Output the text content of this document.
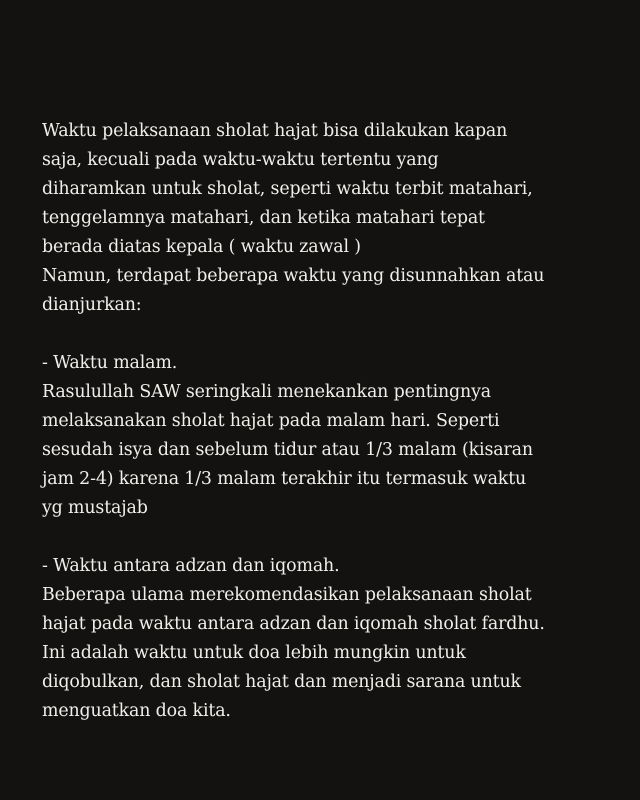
Waktu pelaksanaan sholat hajat bisa dilakukan kapan
saja, kecuali pada waktu-waktu tertentu yang
diharamkan untuk sholat, seperti waktu terbit matahari,
tenggelamnya matahari, dan ketika matahari tepat
berada diatas kepala ( waktu zawal )
Namun, terdapat beberapa waktu yang disunnahkan atau
dianjurkan:
- Waktu malam.
Rasulullah SAW seringkali menekankan pentingnya
melaksanakan sholat hajat pada malam hari. Seperti
sesudah isya dan sebelum tidur atau 1/3 malam (kisaran
jam 2-4) karena 1/3 malam terakhir itu termasuk waktu
yg mustajab
- Waktu antara adzan dan iqomah.
Beberapa ulama merekomendasikan pelaksanaan sholat
hajat pada waktu antara adzan dan iqomah sholat fardhu.
Ini adalah waktu untuk doa lebih mungkin untuk
diqobulkan, dan sholat hajat dan menjadi sarana untuk
menguatkan doa kita.
